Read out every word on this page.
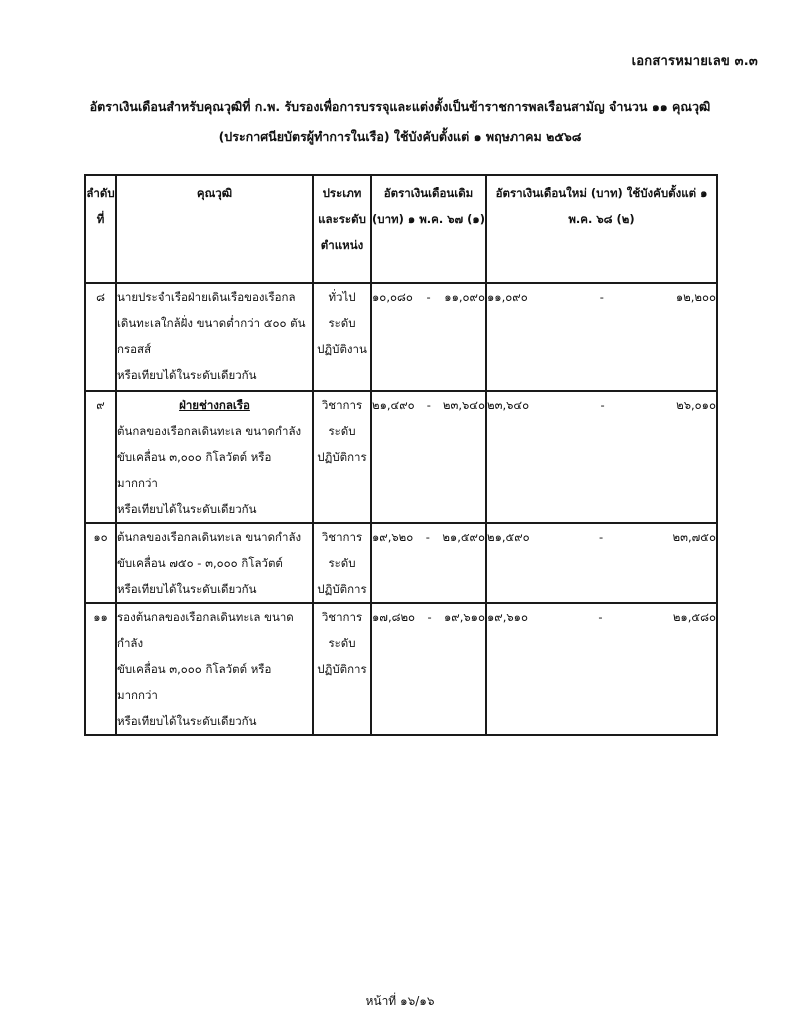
เอกสารหมายเลข ๓.๓
อัตราเงินเดือนสำหรับคุณวุฒิที่ ก.พ. รับรองเพื่อการบรรจุและแต่งตั้งเป็นข้าราชการพลเรือนสามัญ จำนวน ๑๑ คุณวุฒิ
(ประกาศนียบัตรผู้ทำการในเรือ) ใช้บังคับตั้งแต่ ๑ พฤษภาคม ๒๕๖๘
ลำดับ ที่	คุณวุฒิ	ประเภท และระดับ ตำแหน่ง	อัตราเงินเดือนเดิม (บาท) ๑ พ.ค. ๖๗ (๑)	อัตราเงินเดือนใหม่ (บาท) ใช้บังคับตั้งแต่ ๑ พ.ค. ๖๘ (๒)

๘	นายประจำเรือฝ่ายเดินเรือของเรือกล
เดินทะเลใกล้ฝั่ง ขนาดต่ำกว่า ๕๐๐ ตันกรอสส์
หรือเทียบได้ในระดับเดียวกัน	ทั่วไป
ระดับ
ปฏิบัติงาน	๑๐,๐๘๐ - ๑๑,๐๙๐	๑๑,๐๙๐ - ๑๒,๒๐๐

๙	ฝ่ายช่างกลเรือ
ต้นกลของเรือกลเดินทะเล ขนาดกำลัง
ขับเคลื่อน ๓,๐๐๐ กิโลวัตต์ หรือมากกว่า
หรือเทียบได้ในระดับเดียวกัน	วิชาการ
ระดับ
ปฏิบัติการ	๒๑,๔๙๐ - ๒๓,๖๔๐	๒๓,๖๔๐ - ๒๖,๐๑๐

๑๐	ต้นกลของเรือกลเดินทะเล ขนาดกำลัง
ขับเคลื่อน ๗๕๐ - ๓,๐๐๐ กิโลวัตต์
หรือเทียบได้ในระดับเดียวกัน	วิชาการ
ระดับ
ปฏิบัติการ	๑๙,๖๒๐ - ๒๑,๕๙๐	๒๑,๕๙๐ - ๒๓,๗๕๐

๑๑	รองต้นกลของเรือกลเดินทะเล ขนาดกำลัง
ขับเคลื่อน ๓,๐๐๐ กิโลวัตต์ หรือมากกว่า
หรือเทียบได้ในระดับเดียวกัน	วิชาการ
ระดับ
ปฏิบัติการ	๑๗,๘๒๐ - ๑๙,๖๑๐	๑๙,๖๑๐ - ๒๑,๕๘๐
หน้าที่ ๑๖/๑๖
